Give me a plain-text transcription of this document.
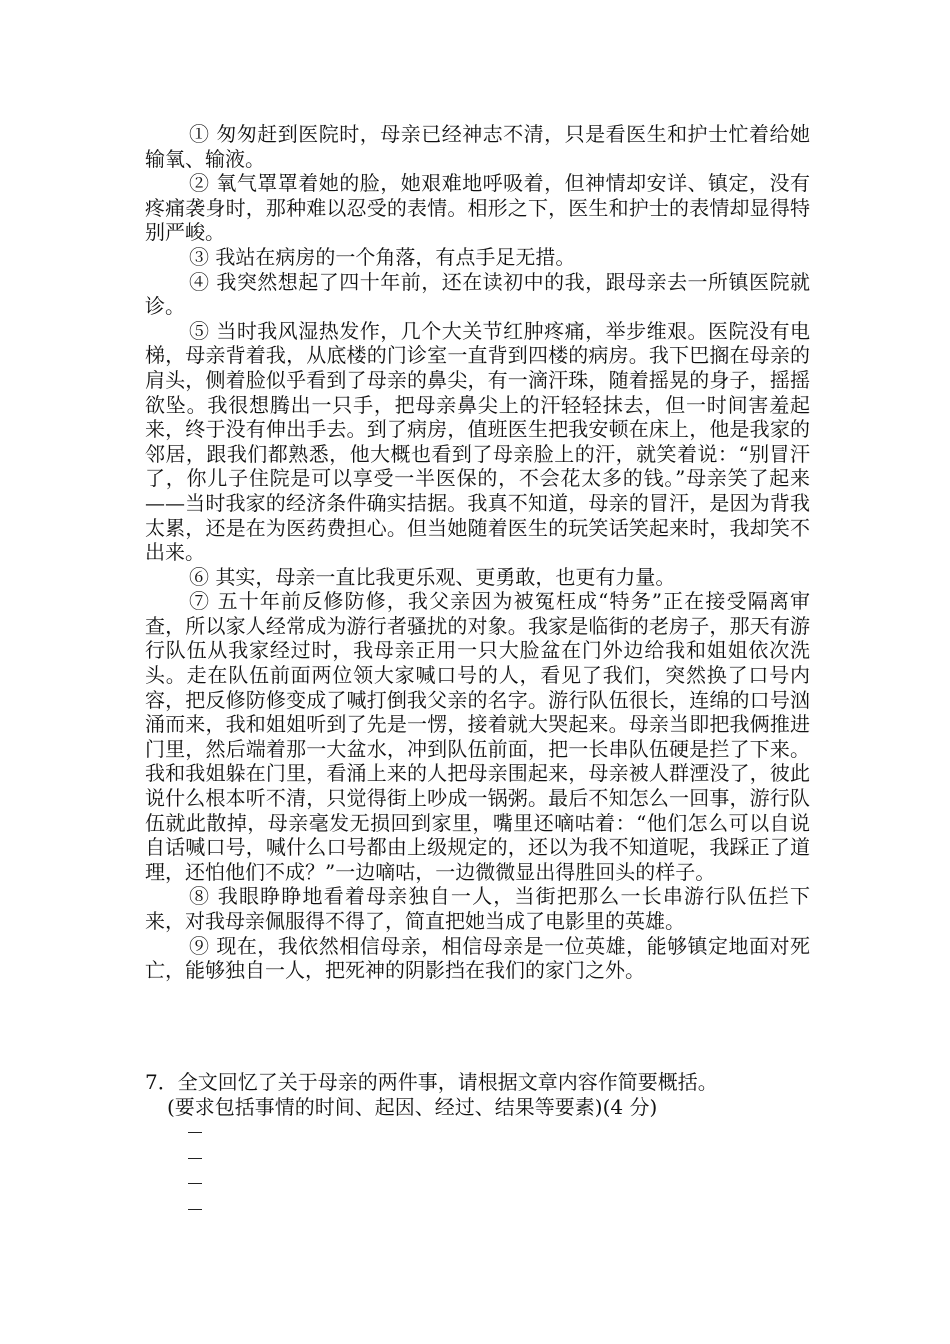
① 匆匆赶到医院时，母亲已经神志不清，只是看医生和护士忙着给她输氧、输液。

② 氧气罩罩着她的脸，她艰难地呼吸着，但神情却安详、镇定，没有疼痛袭身时，那种难以忍受的表情。相形之下，医生和护士的表情却显得特别严峻。

③ 我站在病房的一个角落，有点手足无措。

④ 我突然想起了四十年前，还在读初中的我，跟母亲去一所镇医院就诊。

⑤ 当时我风湿热发作，几个大关节红肿疼痛，举步维艰。医院没有电梯，母亲背着我，从底楼的门诊室一直背到四楼的病房。我下巴搁在母亲的肩头，侧着脸似乎看到了母亲的鼻尖，有一滴汗珠，随着摇晃的身子，摇摇欲坠。我很想腾出一只手，把母亲鼻尖上的汗轻轻抹去，但一时间害羞起来，终于没有伸出手去。到了病房，值班医生把我安顿在床上，他是我家的邻居，跟我们都熟悉，他大概也看到了母亲脸上的汗，就笑着说：“别冒汗了，你儿子住院是可以享受一半医保的，不会花太多的钱。”母亲笑了起来——当时我家的经济条件确实拮据。我真不知道，母亲的冒汗，是因为背我太累，还是在为医药费担心。但当她随着医生的玩笑话笑起来时，我却笑不出来。

⑥ 其实，母亲一直比我更乐观、更勇敢，也更有力量。

⑦ 五十年前反修防修，我父亲因为被冤枉成“特务”正在接受隔离审查，所以家人经常成为游行者骚扰的对象。我家是临街的老房子，那天有游行队伍从我家经过时，我母亲正用一只大脸盆在门外边给我和姐姐依次洗头。走在队伍前面两位领大家喊口号的人，看见了我们，突然换了口号内容，把反修防修变成了喊打倒我父亲的名字。游行队伍很长，连绵的口号汹涌而来，我和姐姐听到了先是一愣，接着就大哭起来。母亲当即把我俩推进门里，然后端着那一大盆水，冲到队伍前面，把一长串队伍硬是拦了下来。我和我姐躲在门里，看涌上来的人把母亲围起来，母亲被人群湮没了，彼此说什么根本听不清，只觉得街上吵成一锅粥。最后不知怎么一回事，游行队伍就此散掉，母亲毫发无损回到家里，嘴里还嘀咕着：“他们怎么可以自说自话喊口号，喊什么口号都由上级规定的，还以为我不知道呢，我踩正了道理，还怕他们不成？”一边嘀咕，一边微微显出得胜回头的样子。

⑧ 我眼睁睁地看着母亲独自一人，当街把那么一长串游行队伍拦下来，对我母亲佩服得不得了，简直把她当成了电影里的英雄。

⑨ 现在，我依然相信母亲，相信母亲是一位英雄，能够镇定地面对死亡，能够独自一人，把死神的阴影挡在我们的家门之外。

7．全文回忆了关于母亲的两件事，请根据文章内容作简要概括。

(要求包括事情的时间、起因、经过、结果等要素)(4 分)
